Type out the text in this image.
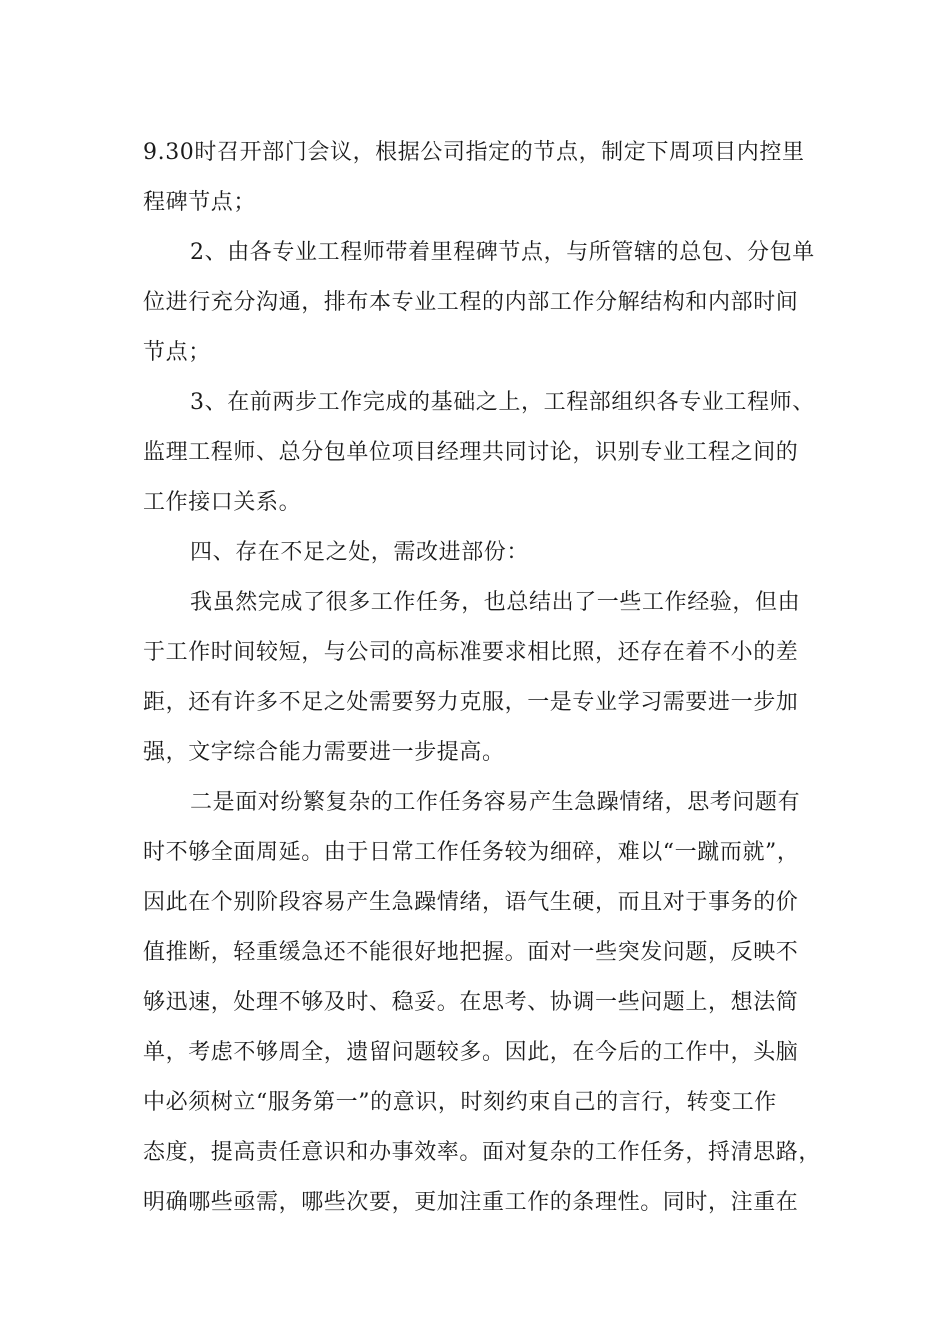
9.30时召开部门会议，根据公司指定的节点，制定下周项目内控里
程碑节点；
2、由各专业工程师带着里程碑节点，与所管辖的总包、分包单
位进行充分沟通，排布本专业工程的内部工作分解结构和内部时间
节点；
3、在前两步工作完成的基础之上，工程部组织各专业工程师、
监理工程师、总分包单位项目经理共同讨论，识别专业工程之间的
工作接口关系。
四、存在不足之处，需改进部份：
我虽然完成了很多工作任务，也总结出了一些工作经验，但由
于工作时间较短，与公司的高标准要求相比照，还存在着不小的差
距，还有许多不足之处需要努力克服，一是专业学习需要进一步加
强，文字综合能力需要进一步提高。
二是面对纷繁复杂的工作任务容易产生急躁情绪，思考问题有
时不够全面周延。由于日常工作任务较为细碎，难以“一蹴而就”，
因此在个别阶段容易产生急躁情绪，语气生硬，而且对于事务的价
值推断，轻重缓急还不能很好地把握。面对一些突发问题，反映不
够迅速，处理不够及时、稳妥。在思考、协调一些问题上，想法简
单，考虑不够周全，遗留问题较多。因此，在今后的工作中，头脑
中必须树立“服务第一”的意识，时刻约束自己的言行，转变工作
态度，提高责任意识和办事效率。面对复杂的工作任务，捋清思路，
明确哪些亟需，哪些次要，更加注重工作的条理性。同时，注重在
